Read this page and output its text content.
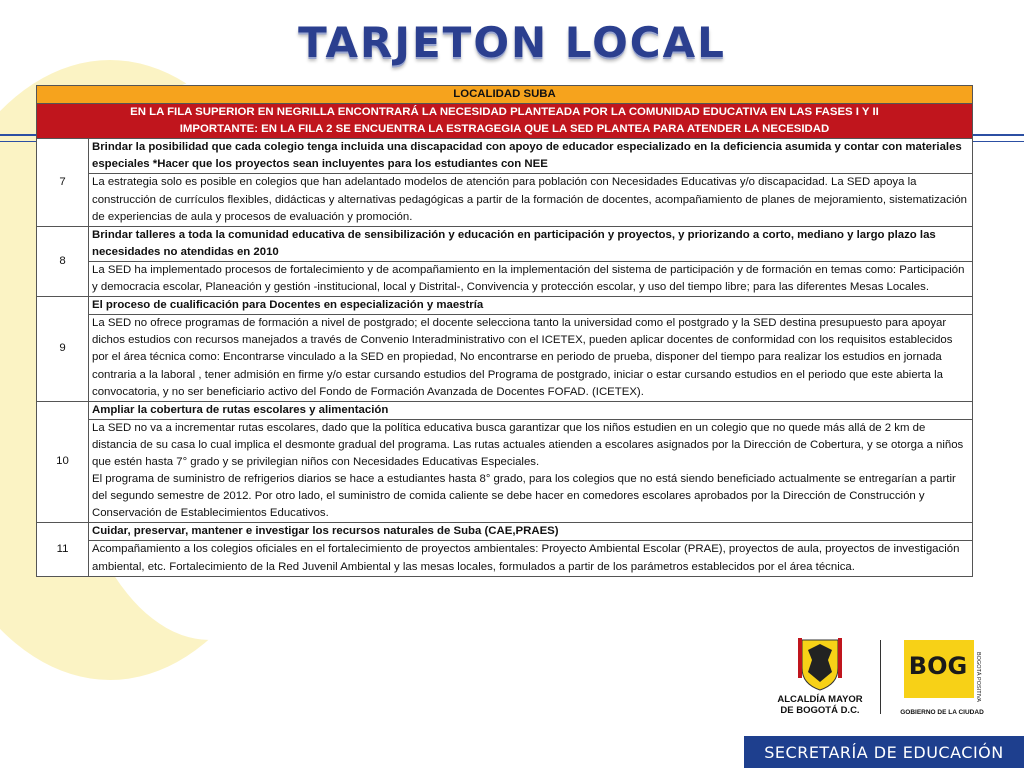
TARJETON LOCAL
LOCALIDAD SUBA	

EN LA FILA SUPERIOR EN NEGRILLA ENCONTRARÁ LA NECESIDAD PLANTEADA POR LA COMUNIDAD EDUCATIVA EN LAS FASES I Y II
IMPORTANTE: EN LA FILA 2 SE ENCUENTRA LA ESTRAGEGIA QUE LA SED PLANTEA PARA ATENDER LA NECESIDAD	

7	Brindar la posibilidad que cada colegio tenga incluida una discapacidad con apoyo de educador especializado en la deficiencia asumida y contar con materiales especiales *Hacer que los proyectos sean incluyentes para los estudiantes con NEE
	La estrategia solo es posible en colegios que han adelantado modelos de atención para población con Necesidades Educativas y/o discapacidad. La SED apoya la construcción de currículos flexibles, didácticas y alternativas pedagógicas a partir de la formación de docentes, acompañamiento de planes de mejoramiento, sistematización de experiencias de aula y procesos de evaluación y promoción.
8	Brindar talleres a toda la comunidad educativa de sensibilización y educación en participación y proyectos, y priorizando a corto, mediano y largo plazo las necesidades no atendidas en 2010
	La SED ha implementado procesos de fortalecimiento y de acompañamiento en la implementación del sistema de participación y de formación en temas como: Participación y democracia escolar, Planeación y gestión -institucional, local y Distrital-, Convivencia y protección escolar, y uso del tiempo libre; para las diferentes Mesas Locales.
9	El proceso de cualificación para Docentes en especialización y maestría
	La SED no ofrece programas de formación a nivel de postgrado; el docente selecciona tanto la universidad como el postgrado y la SED destina presupuesto para apoyar dichos estudios con recursos manejados a través de Convenio Interadministrativo con el ICETEX, pueden aplicar docentes de conformidad con los requisitos establecidos por el área técnica como: Encontrarse vinculado a la SED en propiedad, No encontrarse en periodo de prueba, disponer del tiempo para realizar los estudios en jornada contraria a la laboral , tener admisión en firme y/o estar cursando estudios del Programa de postgrado, iniciar o estar cursando estudios en el periodo que este abierta la convocatoria, y no ser beneficiario activo del Fondo de Formación Avanzada de Docentes FOFAD. (ICETEX).
10	Ampliar la cobertura de rutas escolares y alimentación

	La SED no va a incrementar rutas escolares, dado que la política educativa busca garantizar que los niños estudien en un colegio que no quede más allá de 2 km de distancia de su casa lo cual implica el desmonte gradual del programa. Las rutas actuales atienden a escolares asignados por la Dirección de Cobertura, y se otorga a niños que estén hasta 7° grado y se privilegian niños con Necesidades Educativas Especiales.
El programa de suministro de refrigerios diarios se hace a estudiantes hasta 8° grado, para los colegios que no está siendo beneficiado actualmente se entregarían a partir del segundo semestre de 2012. Por otro lado, el suministro de comida caliente se debe hacer en comedores escolares aprobados por la Dirección de Construcción y Conservación de Establecimientos Educativos.

11	Cuidar, preservar, mantener e investigar los recursos naturales de Suba (CAE,PRAES)
	Acompañamiento a los colegios oficiales en el fortalecimiento de proyectos ambientales: Proyecto Ambiental Escolar (PRAE), proyectos de aula, proyectos de investigación ambiental, etc. Fortalecimiento de la Red Juvenil Ambiental y las mesas locales, formulados a partir de los parámetros establecidos por el área técnica.
ALCALDÍA MAYOR
DE BOGOTÁ D.C.
BOG BOGOTÁ POSITIVA
GOBIERNO DE LA CIUDAD
SECRETARÍA DE EDUCACIÓN
